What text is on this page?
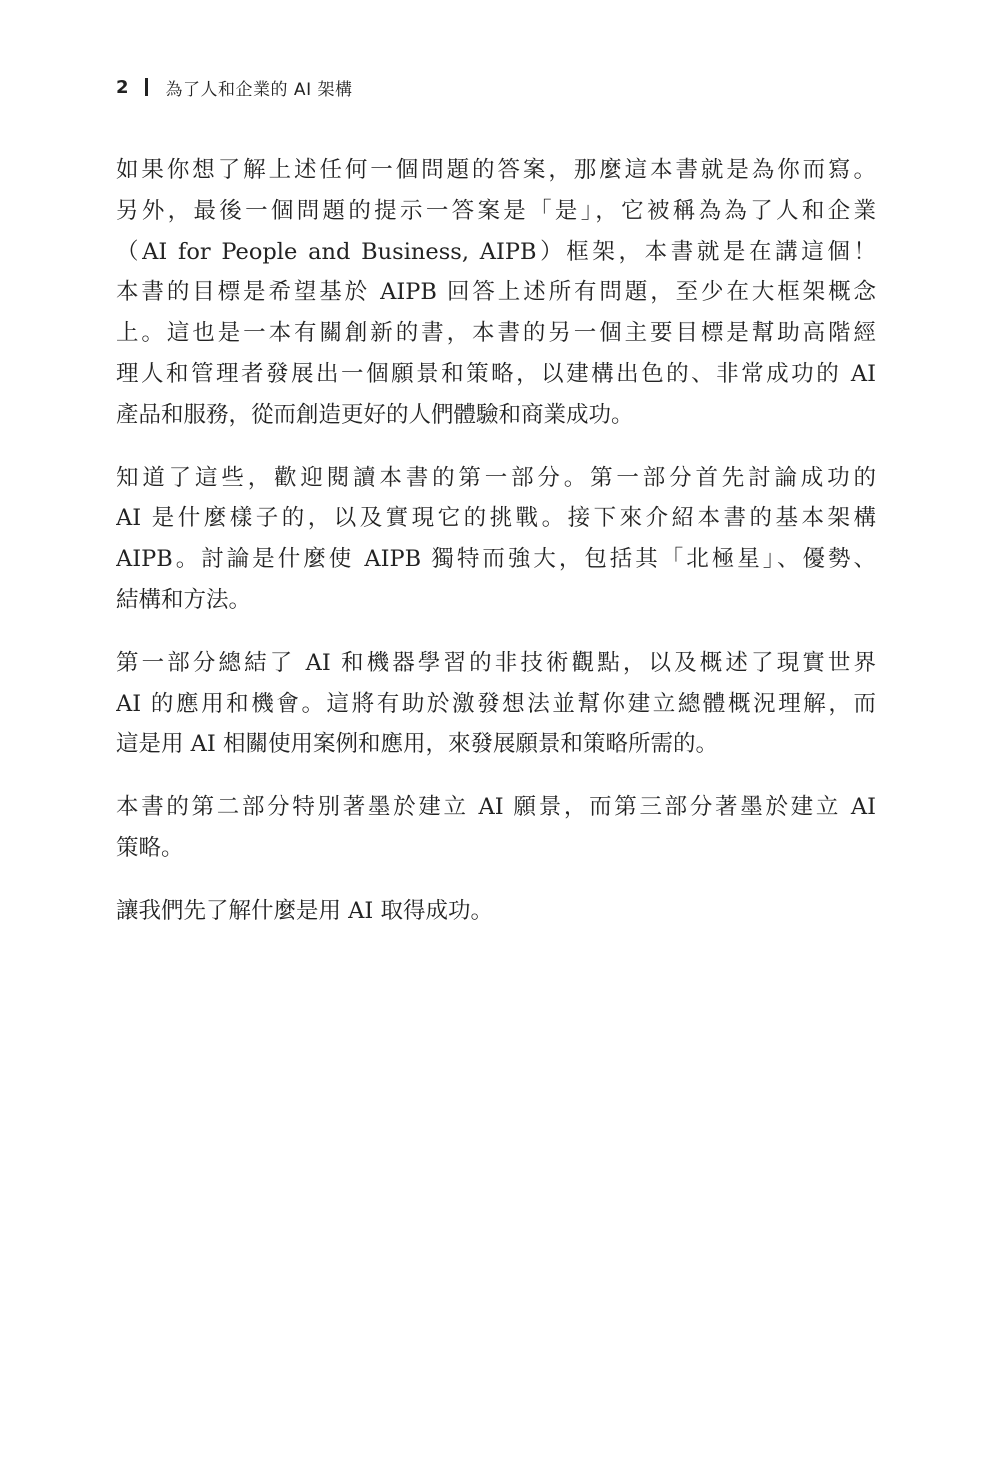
2 為了人和企業的 AI 架構
如果你想了解上述任何一個問題的答案，那麼這本書就是為你而寫。
另外，最後一個問題的提示一答案是「是」，它被稱為為了人和企業
（AI for People and Business, AIPB）框架，本書就是在講這個！
本書的目標是希望基於 AIPB 回答上述所有問題，至少在大框架概念
上。這也是一本有關創新的書，本書的另一個主要目標是幫助高階經
理人和管理者發展出一個願景和策略，以建構出色的、非常成功的 AI
產品和服務，從而創造更好的人們體驗和商業成功。
知道了這些，歡迎閱讀本書的第一部分。第一部分首先討論成功的
AI 是什麼樣子的，以及實現它的挑戰。接下來介紹本書的基本架構
AIPB。討論是什麼使 AIPB 獨特而強大，包括其「北極星」、優勢、
結構和方法。
第一部分總結了 AI 和機器學習的非技術觀點，以及概述了現實世界
AI 的應用和機會。這將有助於激發想法並幫你建立總體概況理解，而
這是用 AI 相關使用案例和應用，來發展願景和策略所需的。
本書的第二部分特別著墨於建立 AI 願景，而第三部分著墨於建立 AI
策略。
讓我們先了解什麼是用 AI 取得成功。
